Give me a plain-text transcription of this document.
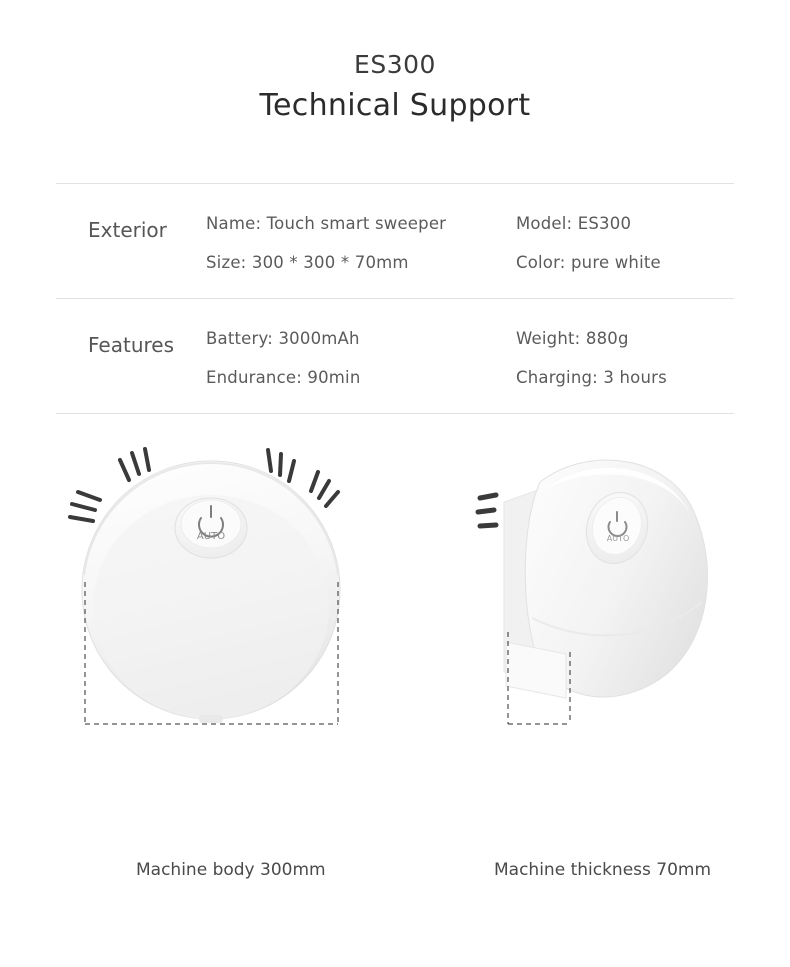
ES300
Technical Support
Exterior	Name: Touch smart sweeper	Model: ES300
Size: 300 * 300 * 70mm	Color: pure white
Features	Battery: 3000mAh	Weight: 880g
Endurance: 90min	Charging: 3 hours
AUTO	AUTO
Machine body 300mm	Machine thickness 70mm
